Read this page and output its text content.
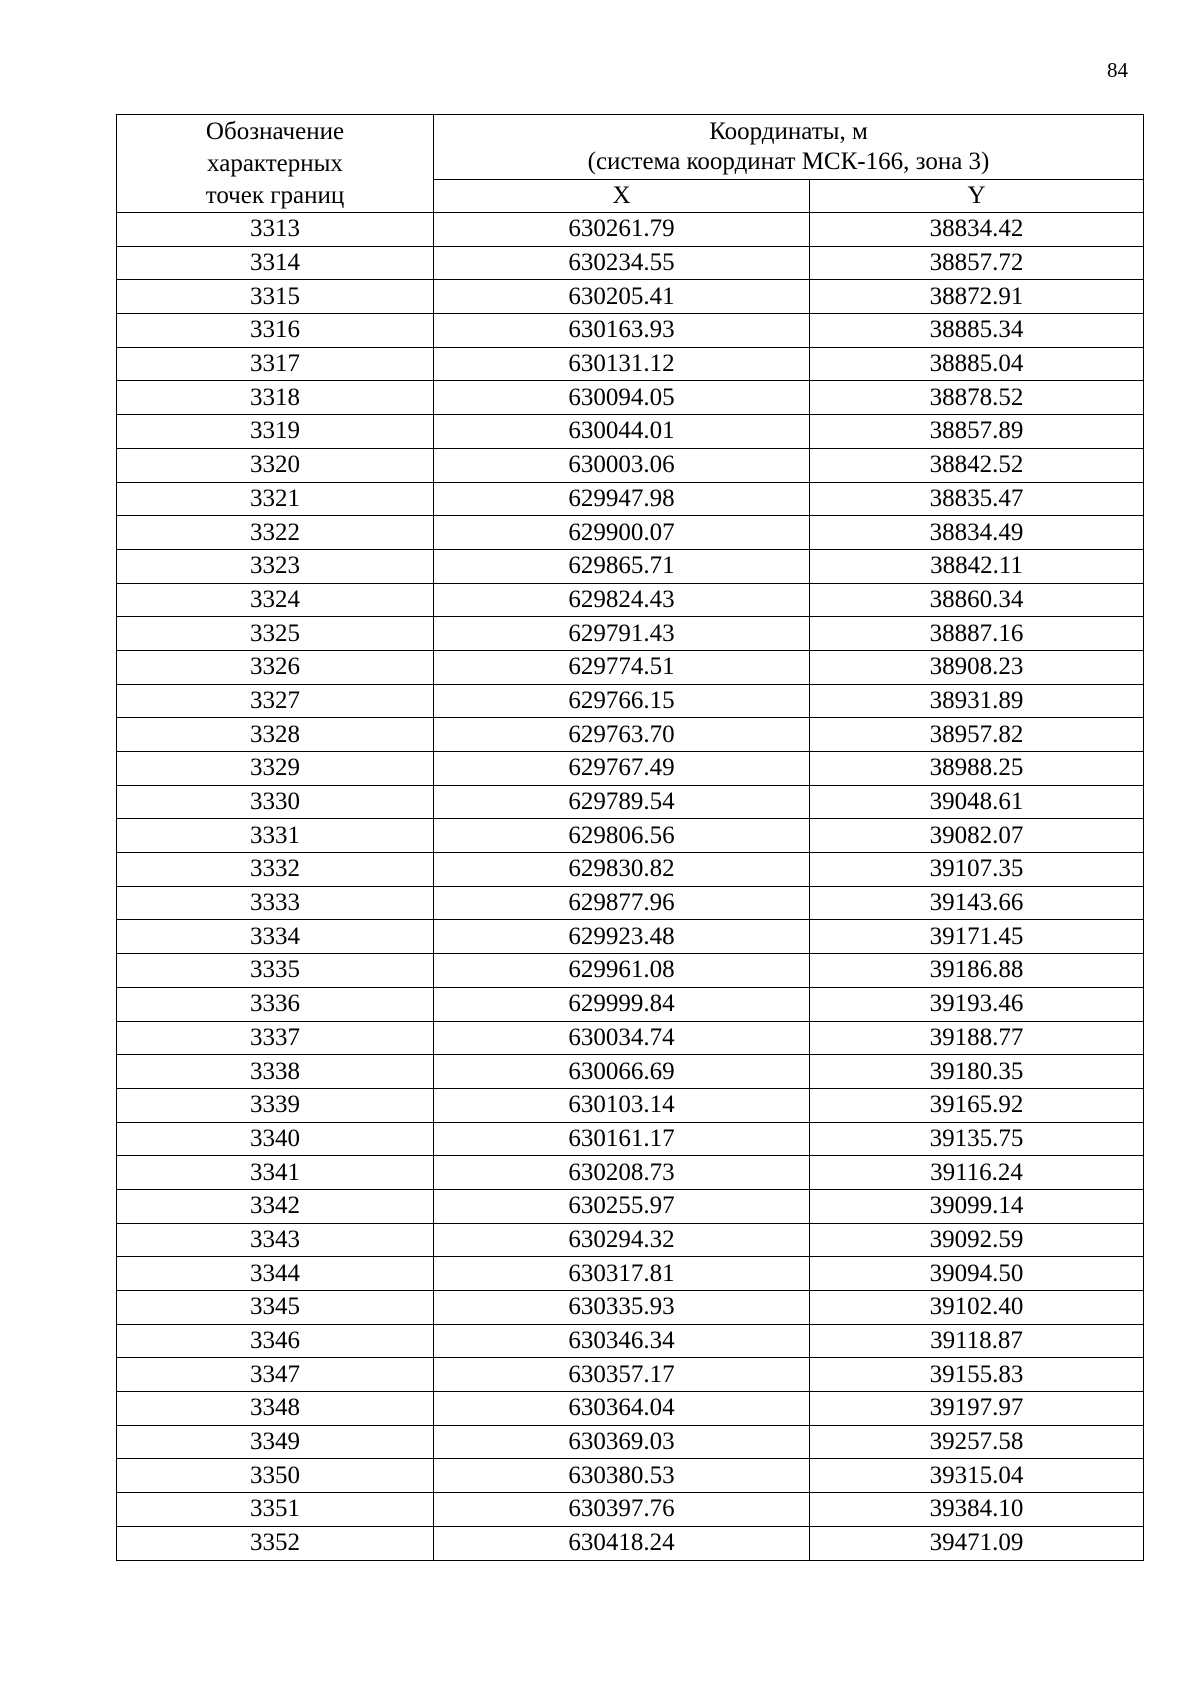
84
Обозначение
характерных
точек границ	Координаты, м
(система координат МСК-166, зона 3)	

	X	Y
3313	630261.79	38834.42
3314	630234.55	38857.72
3315	630205.41	38872.91
3316	630163.93	38885.34
3317	630131.12	38885.04
3318	630094.05	38878.52
3319	630044.01	38857.89
3320	630003.06	38842.52
3321	629947.98	38835.47
3322	629900.07	38834.49
3323	629865.71	38842.11
3324	629824.43	38860.34
3325	629791.43	38887.16
3326	629774.51	38908.23
3327	629766.15	38931.89
3328	629763.70	38957.82
3329	629767.49	38988.25
3330	629789.54	39048.61
3331	629806.56	39082.07
3332	629830.82	39107.35
3333	629877.96	39143.66
3334	629923.48	39171.45
3335	629961.08	39186.88
3336	629999.84	39193.46
3337	630034.74	39188.77
3338	630066.69	39180.35
3339	630103.14	39165.92
3340	630161.17	39135.75
3341	630208.73	39116.24
3342	630255.97	39099.14
3343	630294.32	39092.59
3344	630317.81	39094.50
3345	630335.93	39102.40
3346	630346.34	39118.87
3347	630357.17	39155.83
3348	630364.04	39197.97
3349	630369.03	39257.58
3350	630380.53	39315.04
3351	630397.76	39384.10
3352	630418.24	39471.09
